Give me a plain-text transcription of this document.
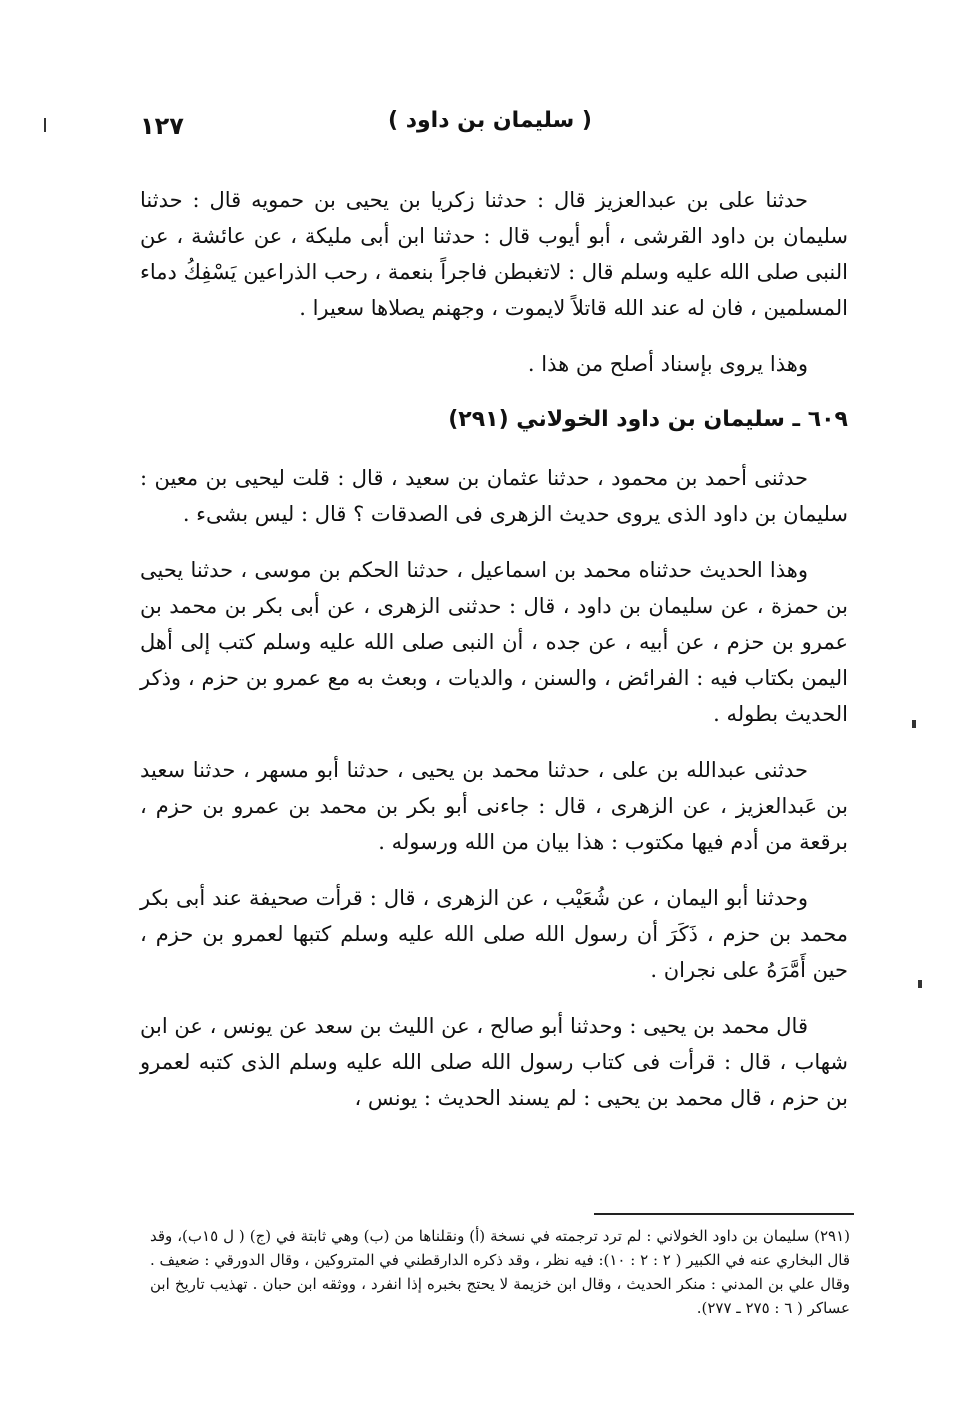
( سليمان بن داود )
١٢٧

حدثنا على بن عبدالعزيز قال : حدثنا زكريا بن يحيى بن حمويه قال : حدثنا سليمان بن داود القرشى ، أبو أيوب قال : حدثنا ابن أبى مليكة ، عن عائشة ، عن النبى صلى الله عليه وسلم قال : لاتغبطن فاجراً بنعمة ، رحب الذراعين يَسْفِكُ دماء المسلمين ، فان له عند الله قاتلاً لايموت ، وجهنم يصلاها سعيرا .

وهذا يروى بإسناد أصلح من هذا .

٦٠٩ ـ سليمان بن داود الخولاني (٢٩١)

حدثنى أحمد بن محمود ، حدثنا عثمان بن سعيد ، قال : قلت ليحيى بن معين : سليمان بن داود الذى يروى حديث الزهرى فى الصدقات ؟ قال : ليس بشىء .

وهذا الحديث حدثناه محمد بن اسماعيل ، حدثنا الحكم بن موسى ، حدثنا يحيى بن حمزة ، عن سليمان بن داود ، قال : حدثنى الزهرى ، عن أبى بكر بن محمد بن عمرو بن حزم ، عن أبيه ، عن جده ، أن النبى صلى الله عليه وسلم كتب إلى أهل اليمن بكتاب فيه : الفرائض ، والسنن ، والديات ، وبعث به مع عمرو بن حزم ، وذكر الحديث بطوله .

حدثنى عبدالله بن على ، حدثنا محمد بن يحيى ، حدثنا أبو مسهر ، حدثنا سعيد بن عَبدالعزيز ، عن الزهرى ، قال : جاءنى أبو بكر بن محمد بن عمرو بن حزم ، برقعة من أدم فيها مكتوب : هذا بيان من الله ورسوله .

وحدثنا أبو اليمان ، عن شُعَيْب ، عن الزهرى ، قال : قرأت صحيفة عند أبى بكر محمد بن حزم ، ذَكَرَ أن رسول الله صلى الله عليه وسلم كتبها لعمرو بن حزم ، حين أَمَّرَهُ على نجران .

قال محمد بن يحيى : وحدثنا أبو صالح ، عن الليث بن سعد عن يونس ، عن ابن شهاب ، قال : قرأت فى كتاب رسول الله صلى الله عليه وسلم الذى كتبه لعمرو بن حزم ، قال محمد بن يحيى : لم يسند الحديث : يونس ،

(٢٩١) سليمان بن داود الخولاني : لم ترد ترجمته في نسخة (أ) ونقلناها من (ب) وهي ثابتة في (ج) ( ل ١٥ب)، وقد قال البخاري عنه في الكبير ( ٢ : ٢ : ١٠): فيه نظر ، وقد ذكره الدارقطني في المتروكين ، وقال الدورقي : ضعيف . وقال علي بن المدني : منكر الحديث ، وقال ابن خزيمة لا يحتج بخبره إذا انفرد ، ووثقه ابن حبان . تهذيب تاريخ ابن عساكر ( ٦ : ٢٧٥ ـ ٢٧٧).
